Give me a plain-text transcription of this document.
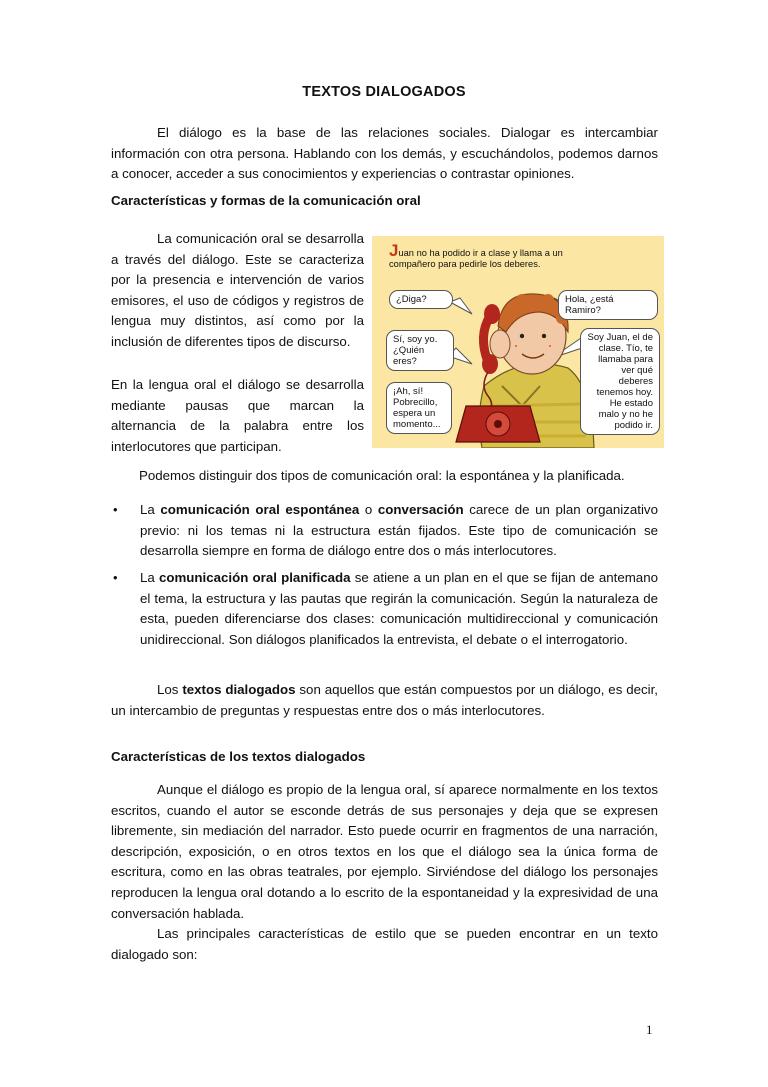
TEXTOS DIALOGADOS

El diálogo es la base de las relaciones sociales. Dialogar es intercambiar información con otra persona. Hablando con los demás, y escuchándolos, podemos darnos a conocer, acceder a sus conocimientos y experiencias o contrastar opiniones.

Características y formas de la comunicación oral

La comunicación oral se desarrolla a través del diálogo. Este se caracteriza por la presencia e intervención de varios emisores, el uso de códigos y registros de lengua muy distintos, así como por la inclusión de diferentes tipos de discurso.

En la lengua oral el diálogo se desarrolla mediante pausas que marcan la alternancia de la palabra entre los interlocutores que participan.

Juan no ha podido ir a clase y llama a un compañero para pedirle los deberes.
¿Diga?	Hola, ¿está Ramiro?
Sí, soy yo. ¿Quién eres?
Soy Juan, el de clase. Tío, te llamaba para ver qué deberes tenemos hoy. He estado malo y no he podido ir.
¡Ah, sí! Pobrecillo, espera un momento...

Podemos distinguir dos tipos de comunicación oral: la espontánea y la planificada.

• La comunicación oral espontánea o conversación carece de un plan organizativo previo: ni los temas ni la estructura están fijados. Este tipo de comunicación se desarrolla siempre en forma de diálogo entre dos o más interlocutores.

• La comunicación oral planificada se atiene a un plan en el que se fijan de antemano el tema, la estructura y las pautas que regirán la comunicación. Según la naturaleza de esta, pueden diferenciarse dos clases: comunicación multidireccional y comunicación unidireccional. Son diálogos planificados la entrevista, el debate o el interrogatorio.

Los textos dialogados son aquellos que están compuestos por un diálogo, es decir, un intercambio de preguntas y respuestas entre dos o más interlocutores.

Características de los textos dialogados

Aunque el diálogo es propio de la lengua oral, sí aparece normalmente en los textos escritos, cuando el autor se esconde detrás de sus personajes y deja que se expresen libremente, sin mediación del narrador. Esto puede ocurrir en fragmentos de una narración, descripción, exposición, o en otros textos en los que el diálogo sea la única forma de escritura, como en las obras teatrales, por ejemplo. Sirviéndose del diálogo los personajes reproducen la lengua oral dotando a lo escrito de la espontaneidad y la expresividad de una conversación hablada.

Las principales características de estilo que se pueden encontrar en un texto dialogado son:

1
